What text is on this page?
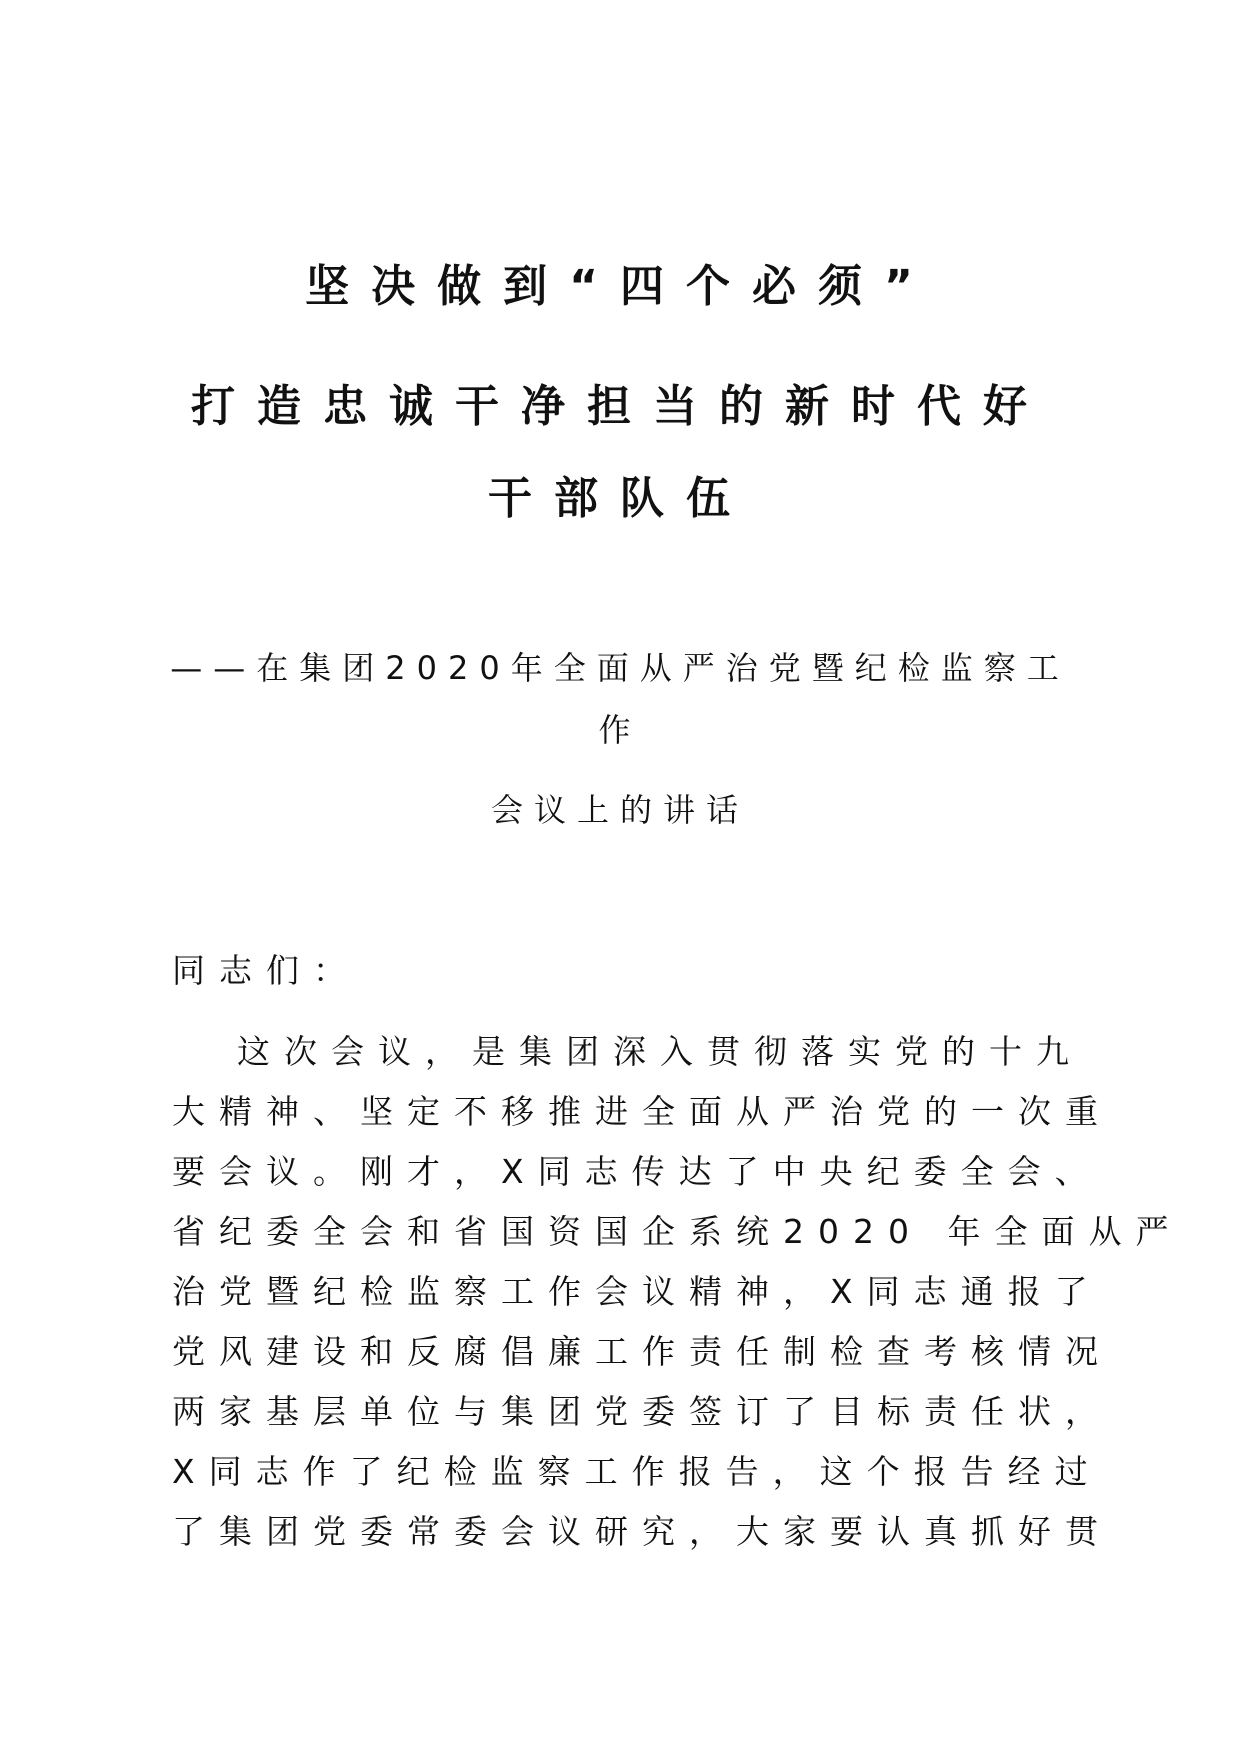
坚决做到“四个必须”
打造忠诚干净担当的新时代好
干部队伍
——在集团2020年全面从严治党暨纪检监察工
作
会议上的讲话

同志们：

这次会议，是集团深入贯彻落实党的十九

大精神、坚定不移推进全面从严治党的一次重

要会议。刚才，X同志传达了中央纪委全会、

省纪委全会和省国资国企系统2020 年全面从严

治党暨纪检监察工作会议精神，X同志通报了

党风建设和反腐倡廉工作责任制检查考核情况

两家基层单位与集团党委签订了目标责任状，

X同志作了纪检监察工作报告，这个报告经过

了集团党委常委会议研究，大家要认真抓好贯
